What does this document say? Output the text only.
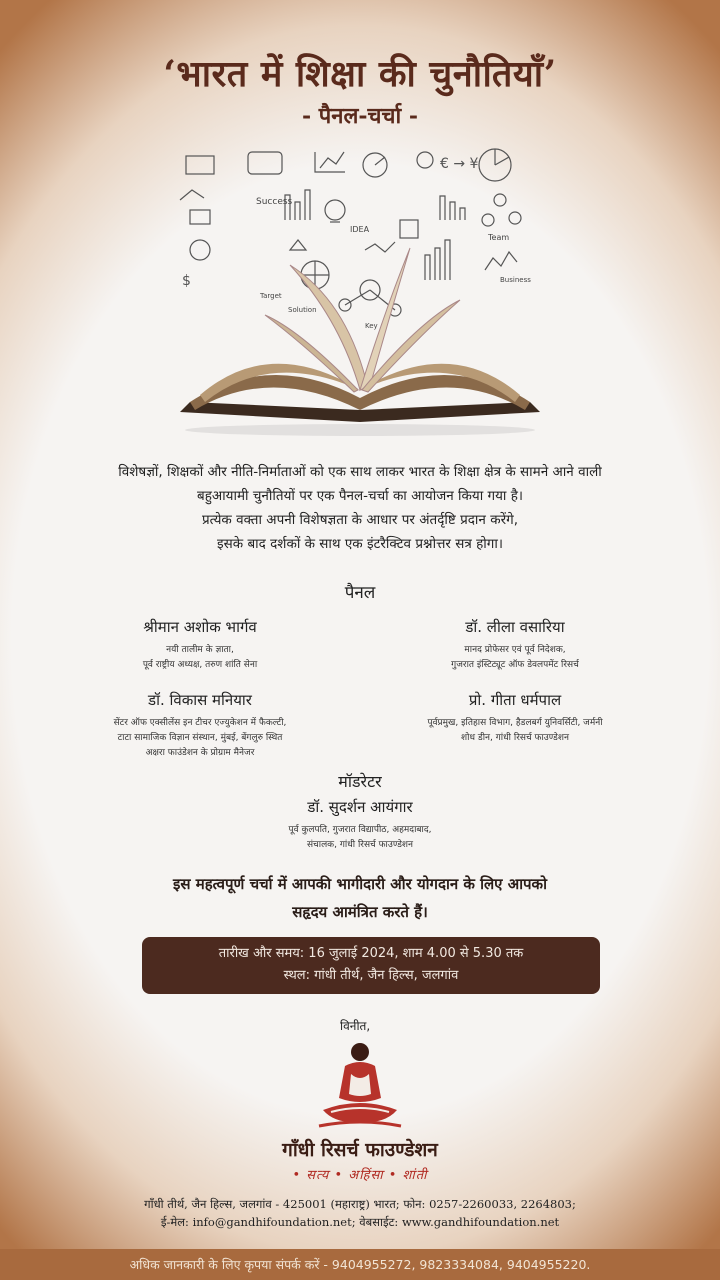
‘भारत में शिक्षा की चुनौतियाँ’
- पैनल-चर्चा -
€ → ¥
$
Success
Team
IDEA
Key
Solution
Target
Business
विशेषज्ञों, शिक्षकों और नीति-निर्माताओं को एक साथ लाकर भारत के शिक्षा क्षेत्र के सामने आने वाली
बहुआयामी चुनौतियों पर एक पैनल-चर्चा का आयोजन किया गया है।
प्रत्येक वक्ता अपनी विशेषज्ञता के आधार पर अंतर्दृष्टि प्रदान करेंगे,
इसके बाद दर्शकों के साथ एक इंटरैक्टिव प्रश्नोत्तर सत्र होगा।
पैनल
श्रीमान अशोक भार्गव
नयी तालीम के ज्ञाता,
पूर्व राष्ट्रीय अध्यक्ष, तरुण शांति सेना
डॉ. लीला वसारिया
मानद प्रोफेसर एवं पूर्व निदेशक,
गुजरात इंस्टिट्यूट ऑफ डेवलपमेंट रिसर्च
डॉ. विकास मनियार
सेंटर ऑफ एक्सीलेंस इन टीचर एज्युकेशन में फैकल्टी,
टाटा सामाजिक विज्ञान संस्थान, मुंबई, बेंगलुरु स्थित
अक्षरा फाउंडेशन के प्रोग्राम मैनेजर
प्रो. गीता धर्मपाल
पूर्वप्रमुख, इतिहास विभाग, हैडलबर्ग युनिवर्सिटी, जर्मनी
शोध डीन, गांधी रिसर्च फाउण्डेशन
मॉडरेटर
डॉ. सुदर्शन आयंगार
पूर्व कुलपति, गुजरात विद्यापीठ, अहमदाबाद,
संचालक, गांधी रिसर्च फाउण्डेशन
इस महत्वपूर्ण चर्चा में आपकी भागीदारी और योगदान के लिए आपको
सहृदय आमंत्रित करते हैं।
तारीख और समय: 16 जुलाई 2024, शाम 4.00 से 5.30 तक
स्थल: गांधी तीर्थ, जैन हिल्स, जलगांव
विनीत,
गाँधी रिसर्च फाउण्डेशन
• सत्य • अहिंसा • शांती
गाँधी तीर्थ, जैन हिल्स, जलगांव - 425001 (महाराष्ट्र) भारत; फोन: 0257-2260033, 2264803;
ई-मेल: info@gandhifoundation.net; वेबसाईट: www.gandhifoundation.net
अधिक जानकारी के लिए कृपया संपर्क करें - 9404955272, 9823334084, 9404955220.
